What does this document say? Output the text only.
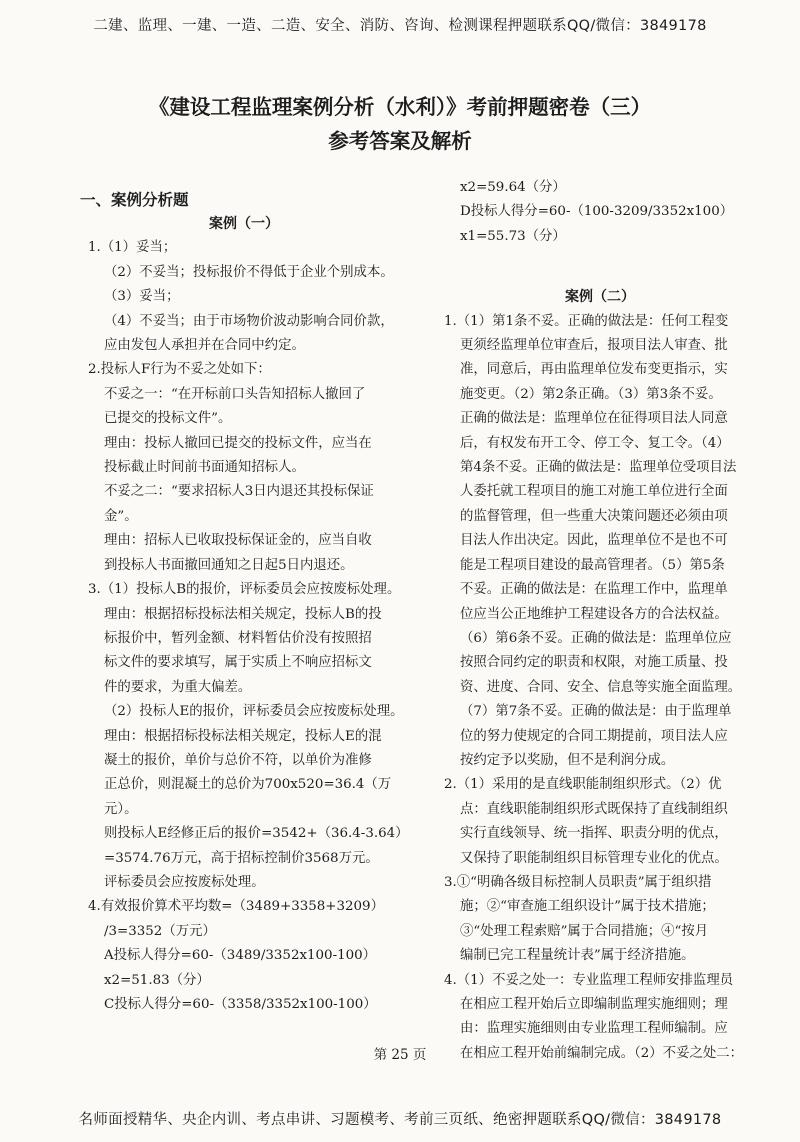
二建、监理、一建、一造、二造、安全、消防、咨询、检测课程押题联系QQ/微信：3849178
《建设工程监理案例分析（水利）》考前押题密卷（三）
参考答案及解析
一、案例分析题

案例（一）

1.（1）妥当；

（2）不妥当；投标报价不得低于企业个别成本。

（3）妥当；

（4）不妥当；由于市场物价波动影响合同价款，

应由发包人承担并在合同中约定。

2.投标人F行为不妥之处如下：

不妥之一：“在开标前口头告知招标人撤回了

已提交的投标文件”。

理由：投标人撤回已提交的投标文件，应当在

投标截止时间前书面通知招标人。

不妥之二：“要求招标人3日内退还其投标保证

金”。

理由：招标人已收取投标保证金的，应当自收

到投标人书面撤回通知之日起5日内退还。

3.（1）投标人B的报价，评标委员会应按废标处理。

理由：根据招标投标法相关规定，投标人B的投

标报价中，暂列金额、材料暂估价没有按照招

标文件的要求填写，属于实质上不响应招标文

件的要求，为重大偏差。

（2）投标人E的报价，评标委员会应按废标处理。

理由：根据招标投标法相关规定，投标人E的混

凝土的报价，单价与总价不符，以单价为准修

正总价，则混凝土的总价为700x520=36.4（万

元）。

则投标人E经修正后的报价=3542+（36.4-3.64）

=3574.76万元，高于招标控制价3568万元。

评标委员会应按废标处理。

4.有效报价算术平均数=（3489+3358+3209）

/3=3352（万元）

A投标人得分=60-（3489/3352x100-100）

x2=51.83（分）

C投标人得分=60-（3358/3352x100-100）

x2=59.64（分）

D投标人得分=60-（100-3209/3352x100）

x1=55.73（分）

案例（二）

1.（1）第1条不妥。正确的做法是：任何工程变

更须经监理单位审查后，报项目法人审查、批

准，同意后，再由监理单位发布变更指示，实

施变更。（2）第2条正确。（3）第3条不妥。

正确的做法是：监理单位在征得项目法人同意

后，有权发布开工令、停工令、复工令。（4）

第4条不妥。正确的做法是：监理单位受项目法

人委托就工程项目的施工对施工单位进行全面

的监督管理，但一些重大决策问题还必须由项

目法人作出决定。因此，监理单位不是也不可

能是工程项目建设的最高管理者。（5）第5条

不妥。正确的做法是：在监理工作中，监理单

位应当公正地维护工程建设各方的合法权益。

（6）第6条不妥。正确的做法是：监理单位应

按照合同约定的职责和权限，对施工质量、投

资、进度、合同、安全、信息等实施全面监理。

（7）第7条不妥。正确的做法是：由于监理单

位的努力使规定的合同工期提前，项目法人应

按约定予以奖励，但不是利润分成。

2.（1）采用的是直线职能制组织形式。（2）优

点：直线职能制组织形式既保持了直线制组织

实行直线领导、统一指挥、职责分明的优点，

又保持了职能制组织目标管理专业化的优点。

3.①“明确各级目标控制人员职责”属于组织措

施；②“审查施工组织设计”属于技术措施；

③“处理工程索赔”属于合同措施；④“按月

编制已完工程量统计表”属于经济措施。

4.（1）不妥之处一：专业监理工程师安排监理员

在相应工程开始后立即编制监理实施细则；理

由：监理实施细则由专业监理工程师编制。应

在相应工程开始前编制完成。（2）不妥之处二：

第 25 页
名师面授精华、央企内训、考点串讲、习题模考、考前三页纸、绝密押题联系QQ/微信：3849178
